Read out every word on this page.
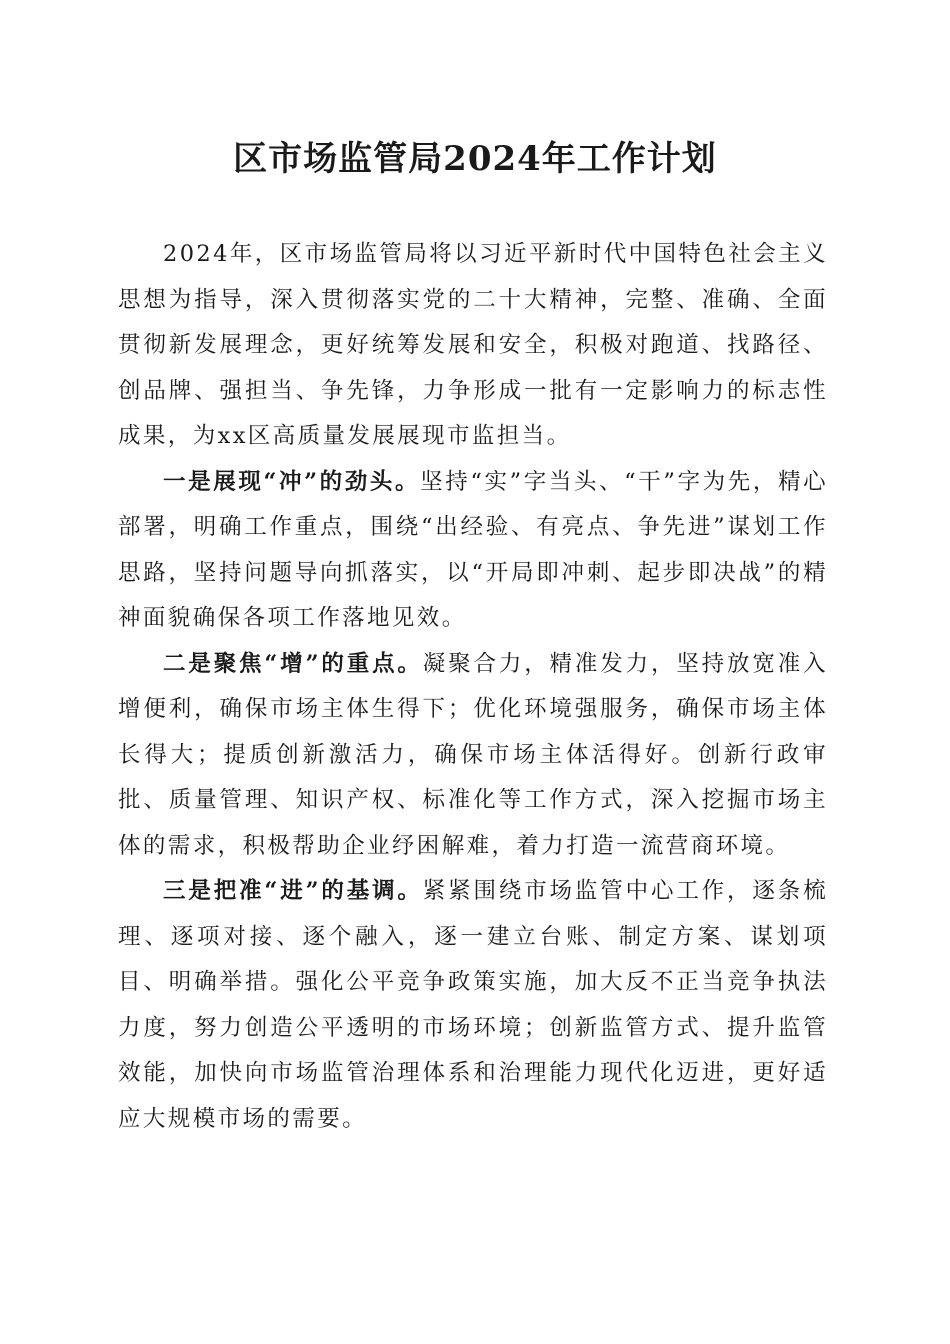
区市场监管局2024年工作计划

2024年，区市场监管局将以习近平新时代中国特色社会主义思想为指导，深入贯彻落实党的二十大精神，完整、准确、全面贯彻新发展理念，更好统筹发展和安全，积极对跑道、找路径、创品牌、强担当、争先锋，力争形成一批有一定影响力的标志性成果，为xx区高质量发展展现市监担当。

一是展现“冲”的劲头。坚持“实”字当头、“干”字为先，精心部署，明确工作重点，围绕“出经验、有亮点、争先进”谋划工作思路，坚持问题导向抓落实，以“开局即冲刺、起步即决战”的精神面貌确保各项工作落地见效。

二是聚焦“增”的重点。凝聚合力，精准发力，坚持放宽准入增便利，确保市场主体生得下；优化环境强服务，确保市场主体长得大；提质创新激活力，确保市场主体活得好。创新行政审批、质量管理、知识产权、标准化等工作方式，深入挖掘市场主体的需求，积极帮助企业纾困解难，着力打造一流营商环境。

三是把准“进”的基调。紧紧围绕市场监管中心工作，逐条梳理、逐项对接、逐个融入，逐一建立台账、制定方案、谋划项目、明确举措。强化公平竞争政策实施，加大反不正当竞争执法力度，努力创造公平透明的市场环境；创新监管方式、提升监管效能，加快向市场监管治理体系和治理能力现代化迈进，更好适应大规模市场的需要。
